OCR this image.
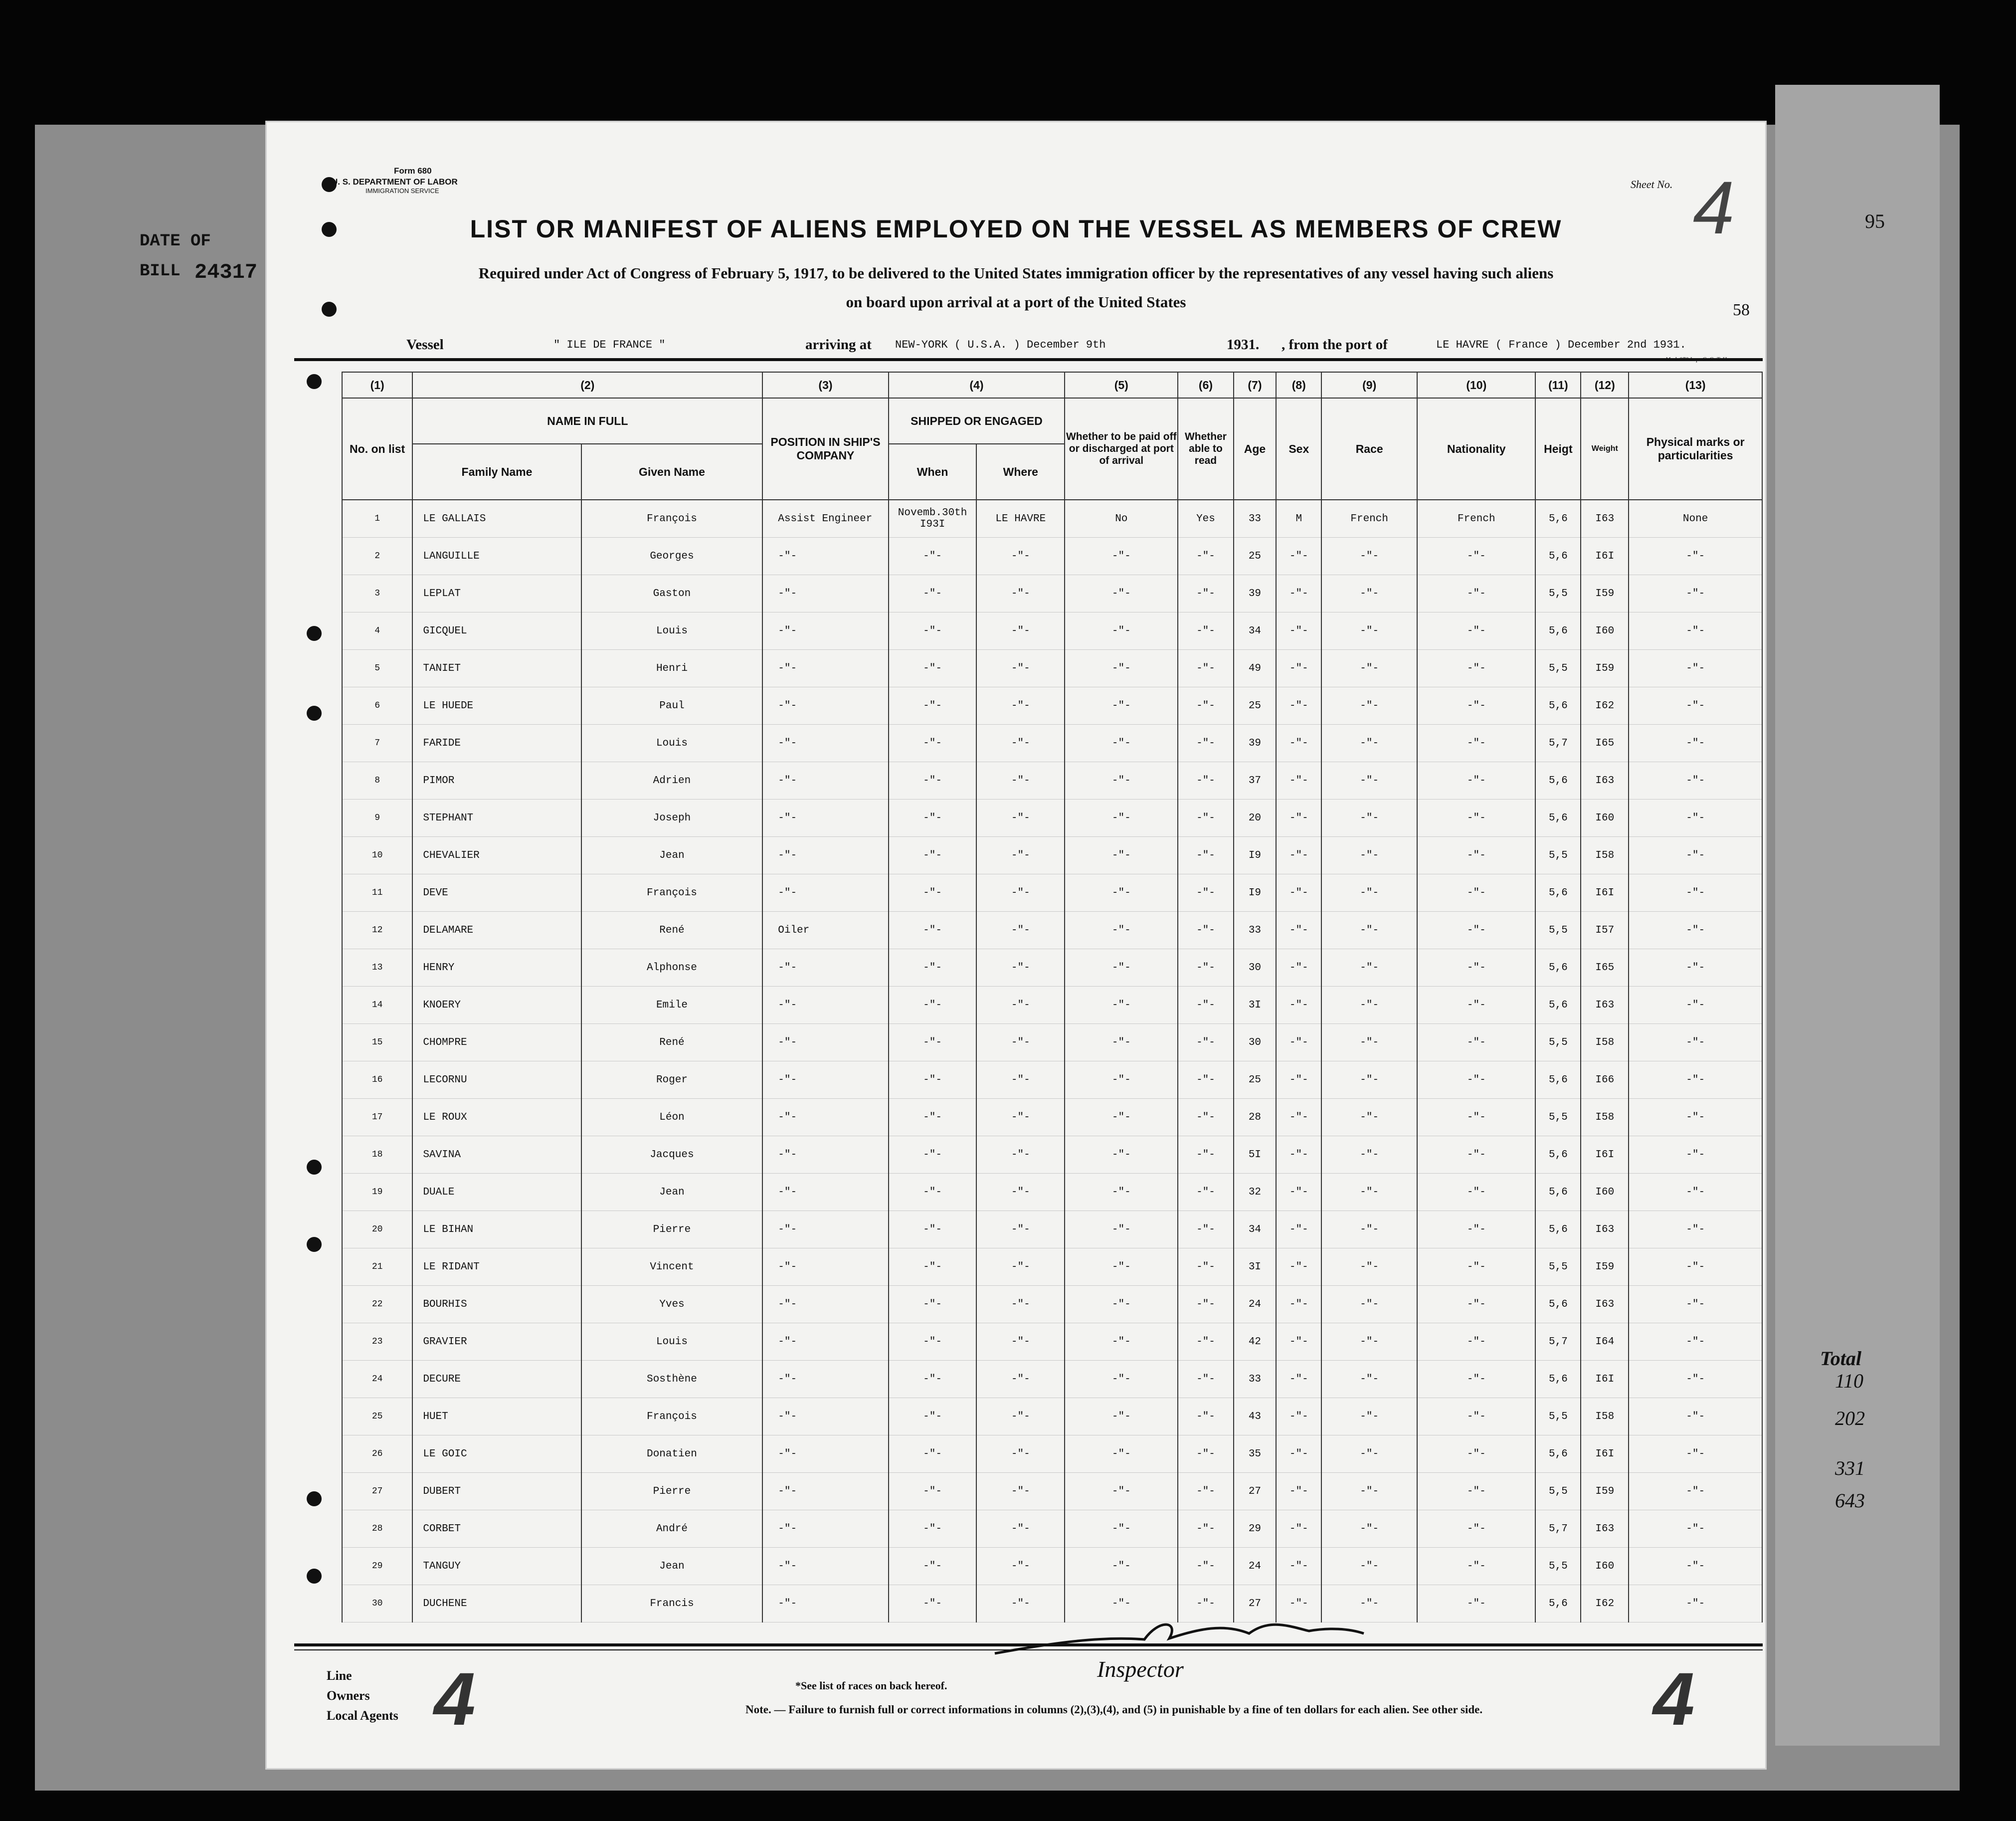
DATE OF
BILL 24317
95
Total
110
202
331
643
Form 680
U. S. DEPARTMENT OF LABOR
IMMIGRATION SERVICE
Sheet No. 4
LIST OR MANIFEST OF ALIENS EMPLOYED ON THE VESSEL AS MEMBERS OF CREW
Required under Act of Congress of February 5, 1917, to be delivered to the United States immigration officer by the representatives of any vessel having such aliens
on board upon arrival at a port of the United States	58
Vessel	" ILE DE FRANCE "	arriving at NEW-YORK ( U.S.A. ) December 9th	1931. , from the port of	LE HAVRE ( France ) December 2nd 1931.
	(1)	(2)		(3)	(4)		(5)	(6)	(7)	(8)	(9)	(10)	(11)	(12)	(13)
	No. on list	NAME IN FULL		POSITION IN SHIP'S COMPANY	SHIPPED OR ENGAGED		Whether to be paid off or discharged at port of arrival	Whether able to read	Age	Sex	Race	Nationality	Heigt	Weight	Physical marks or particularities
		Family Name	Given Name		When	Where									
	1	LE GALLAIS	François	Assist Engineer	Novemb.30th I93I	LE HAVRE	No	Yes	33	M	French	French	5,6	I63	None
	2	LANGUILLE	Georges	-"-	-"-	-"-	-"-	-"-	25	-"-	-"-	-"-	5,6	I6I	-"-
	3	LEPLAT	Gaston	-"-	-"-	-"-	-"-	-"-	39	-"-	-"-	-"-	5,5	I59	-"-
	4	GICQUEL	Louis	-"-	-"-	-"-	-"-	-"-	34	-"-	-"-	-"-	5,6	I60	-"-
	5	TANIET	Henri	-"-	-"-	-"-	-"-	-"-	49	-"-	-"-	-"-	5,5	I59	-"-
	6	LE HUEDE	Paul	-"-	-"-	-"-	-"-	-"-	25	-"-	-"-	-"-	5,6	I62	-"-
	7	FARIDE	Louis	-"-	-"-	-"-	-"-	-"-	39	-"-	-"-	-"-	5,7	I65	-"-
	8	PIMOR	Adrien	-"-	-"-	-"-	-"-	-"-	37	-"-	-"-	-"-	5,6	I63	-"-
	9	STEPHANT	Joseph	-"-	-"-	-"-	-"-	-"-	20	-"-	-"-	-"-	5,6	I60	-"-
	10	CHEVALIER	Jean	-"-	-"-	-"-	-"-	-"-	I9	-"-	-"-	-"-	5,5	I58	-"-
	11	DEVE	François	-"-	-"-	-"-	-"-	-"-	I9	-"-	-"-	-"-	5,6	I6I	-"-
	12	DELAMARE	René	Oiler	-"-	-"-	-"-	-"-	33	-"-	-"-	-"-	5,5	I57	-"-
	13	HENRY	Alphonse	-"-	-"-	-"-	-"-	-"-	30	-"-	-"-	-"-	5,6	I65	-"-
	14	KNOERY	Emile	-"-	-"-	-"-	-"-	-"-	3I	-"-	-"-	-"-	5,6	I63	-"-
	15	CHOMPRE	René	-"-	-"-	-"-	-"-	-"-	30	-"-	-"-	-"-	5,5	I58	-"-
	16	LECORNU	Roger	-"-	-"-	-"-	-"-	-"-	25	-"-	-"-	-"-	5,6	I66	-"-
	17	LE ROUX	Léon	-"-	-"-	-"-	-"-	-"-	28	-"-	-"-	-"-	5,5	I58	-"-
	18	SAVINA	Jacques	-"-	-"-	-"-	-"-	-"-	5I	-"-	-"-	-"-	5,6	I6I	-"-
	19	DUALE	Jean	-"-	-"-	-"-	-"-	-"-	32	-"-	-"-	-"-	5,6	I60	-"-
	20	LE BIHAN	Pierre	-"-	-"-	-"-	-"-	-"-	34	-"-	-"-	-"-	5,6	I63	-"-
	21	LE RIDANT	Vincent	-"-	-"-	-"-	-"-	-"-	3I	-"-	-"-	-"-	5,5	I59	-"-
	22	BOURHIS	Yves	-"-	-"-	-"-	-"-	-"-	24	-"-	-"-	-"-	5,6	I63	-"-
	23	GRAVIER	Louis	-"-	-"-	-"-	-"-	-"-	42	-"-	-"-	-"-	5,7	I64	-"-
	24	DECURE	Sosthène	-"-	-"-	-"-	-"-	-"-	33	-"-	-"-	-"-	5,6	I6I	-"-
	25	HUET	François	-"-	-"-	-"-	-"-	-"-	43	-"-	-"-	-"-	5,5	I58	-"-
	26	LE GOIC	Donatien	-"-	-"-	-"-	-"-	-"-	35	-"-	-"-	-"-	5,6	I6I	-"-
	27	DUBERT	Pierre	-"-	-"-	-"-	-"-	-"-	27	-"-	-"-	-"-	5,5	I59	-"-
	28	CORBET	André	-"-	-"-	-"-	-"-	-"-	29	-"-	-"-	-"-	5,7	I63	-"-
	29	TANGUY	Jean	-"-	-"-	-"-	-"-	-"-	24	-"-	-"-	-"-	5,5	I60	-"-
	30	DUCHENE	Francis	-"-	-"-	-"-	-"-	-"-	27	-"-	-"-	-"-	5,6	I62	-"-
Line
Owners
Local Agents 4	4
*See list of races on back hereof.
Note. — Failure to furnish full or correct informations in columns (2),(3),(4), and (5) in punishable by a fine of ten dollars for each alien. See other side.
Inspector
